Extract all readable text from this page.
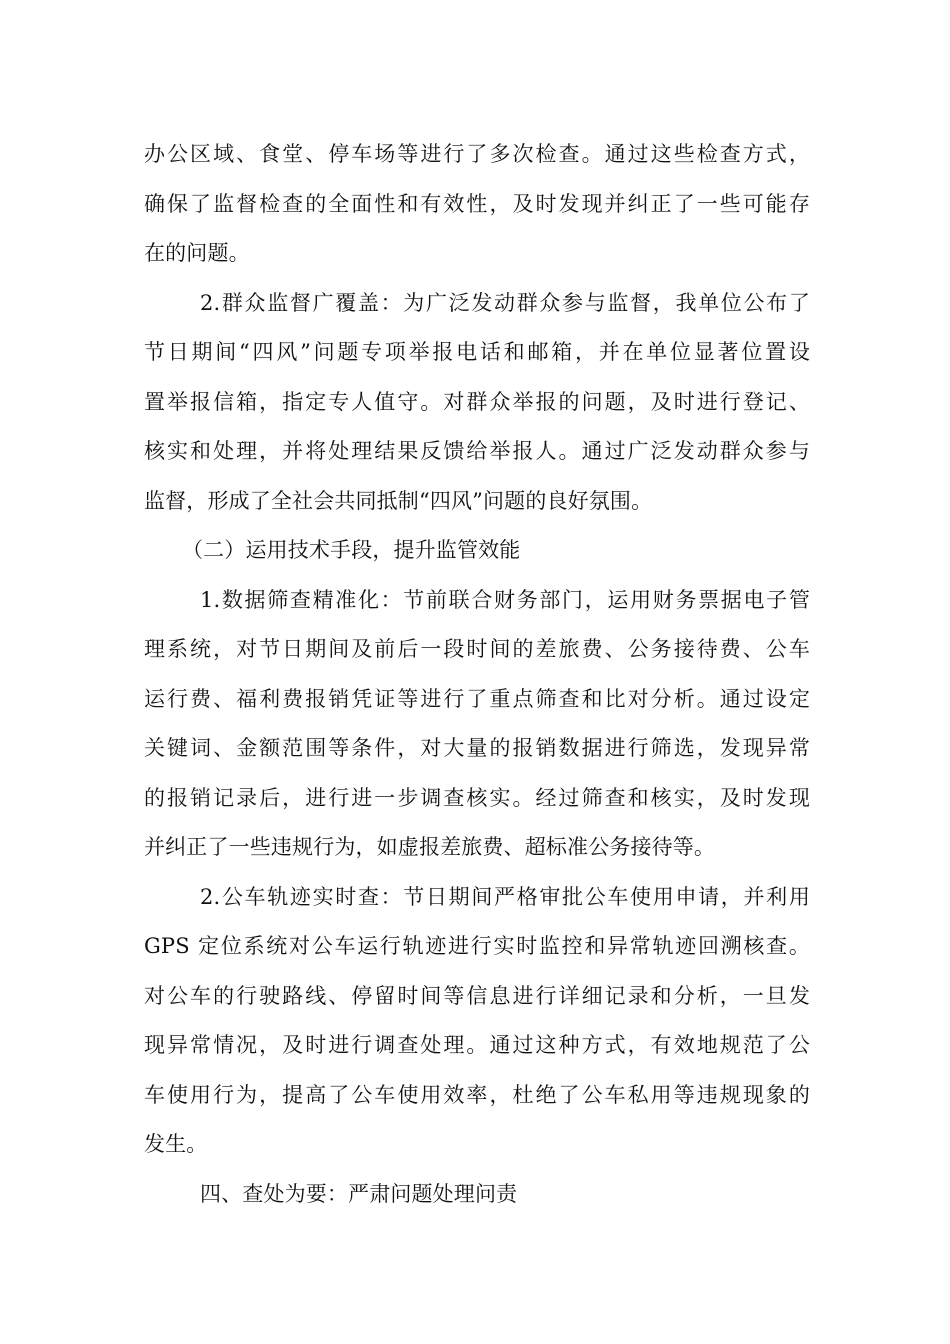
办公区域、食堂、停车场等进行了多次检查。通过这些检查方式，
确保了监督检查的全面性和有效性，及时发现并纠正了一些可能存
在的问题。
2.群众监督广覆盖：为广泛发动群众参与监督，我单位公布了
节日期间“四风”问题专项举报电话和邮箱，并在单位显著位置设
置举报信箱，指定专人值守。对群众举报的问题，及时进行登记、
核实和处理，并将处理结果反馈给举报人。通过广泛发动群众参与
监督，形成了全社会共同抵制“四风”问题的良好氛围。
（二）运用技术手段，提升监管效能
1.数据筛查精准化：节前联合财务部门，运用财务票据电子管
理系统，对节日期间及前后一段时间的差旅费、公务接待费、公车
运行费、福利费报销凭证等进行了重点筛查和比对分析。通过设定
关键词、金额范围等条件，对大量的报销数据进行筛选，发现异常
的报销记录后，进行进一步调查核实。经过筛查和核实，及时发现
并纠正了一些违规行为，如虚报差旅费、超标准公务接待等。
2.公车轨迹实时查：节日期间严格审批公车使用申请，并利用
GPS 定位系统对公车运行轨迹进行实时监控和异常轨迹回溯核查。
对公车的行驶路线、停留时间等信息进行详细记录和分析，一旦发
现异常情况，及时进行调查处理。通过这种方式，有效地规范了公
车使用行为，提高了公车使用效率，杜绝了公车私用等违规现象的
发生。
四、查处为要：严肃问题处理问责
